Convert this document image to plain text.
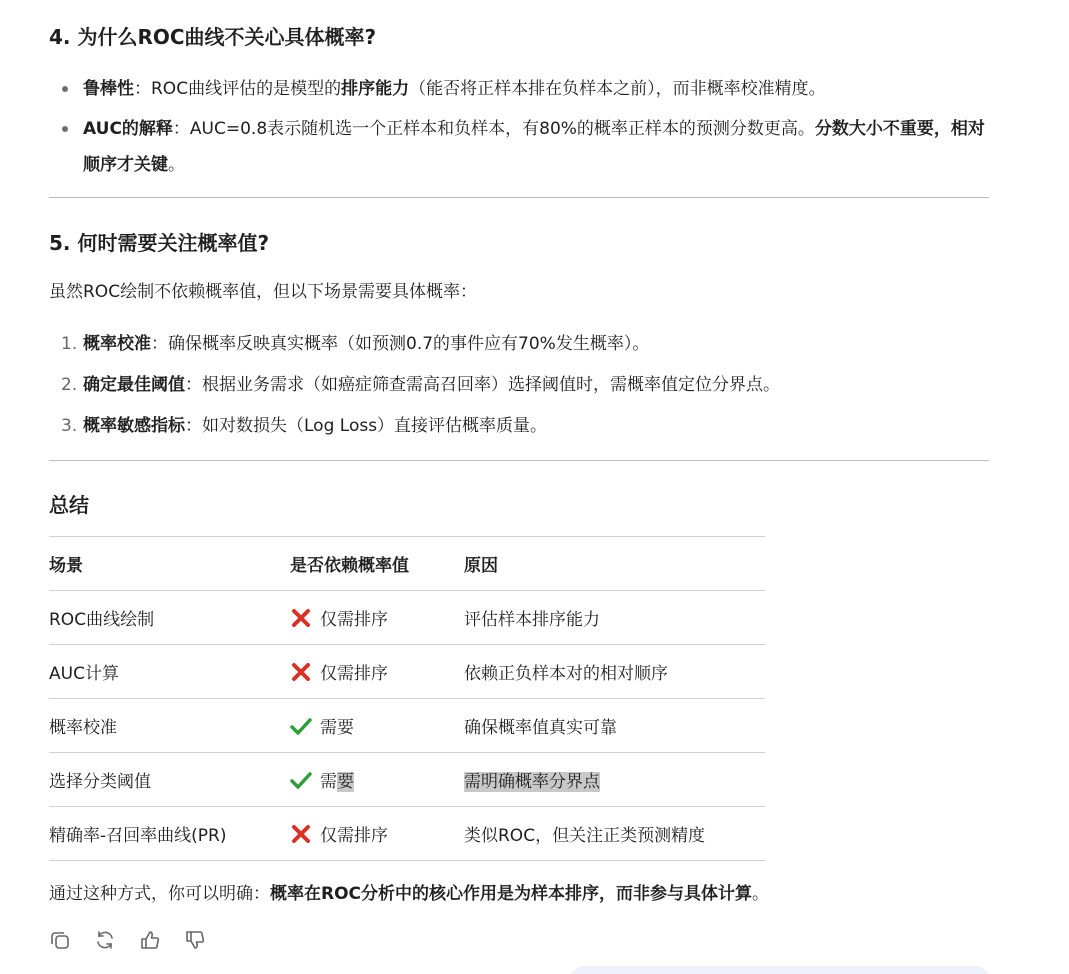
4. 为什么ROC曲线不关心具体概率?
鲁棒性：ROC曲线评估的是模型的排序能力（能否将正样本排在负样本之前），而非概率校准精度。
AUC的解释：AUC=0.8表示随机选一个正样本和负样本，有80%的概率正样本的预测分数更高。分数大小不重要，相对顺序才关键。
5. 何时需要关注概率值?
虽然ROC绘制不依赖概率值，但以下场景需要具体概率：
1. 概率校准：确保概率反映真实概率（如预测0.7的事件应有70%发生概率）。
2. 确定最佳阈值：根据业务需求（如癌症筛查需高召回率）选择阈值时，需概率值定位分界点。
3. 概率敏感指标：如对数损失（Log Loss）直接评估概率质量。
总结
场景	是否依赖概率值	原因
ROC曲线绘制	仅需排序	评估样本排序能力
AUC计算	仅需排序	依赖正负样本对的相对顺序
概率校准	需要	确保概率值真实可靠
选择分类阈值	需要	需明确概率分界点
精确率-召回率曲线(PR)	仅需排序	类似ROC，但关注正类预测精度
通过这种方式，你可以明确：概率在ROC分析中的核心作用是为样本排序，而非参与具体计算。
